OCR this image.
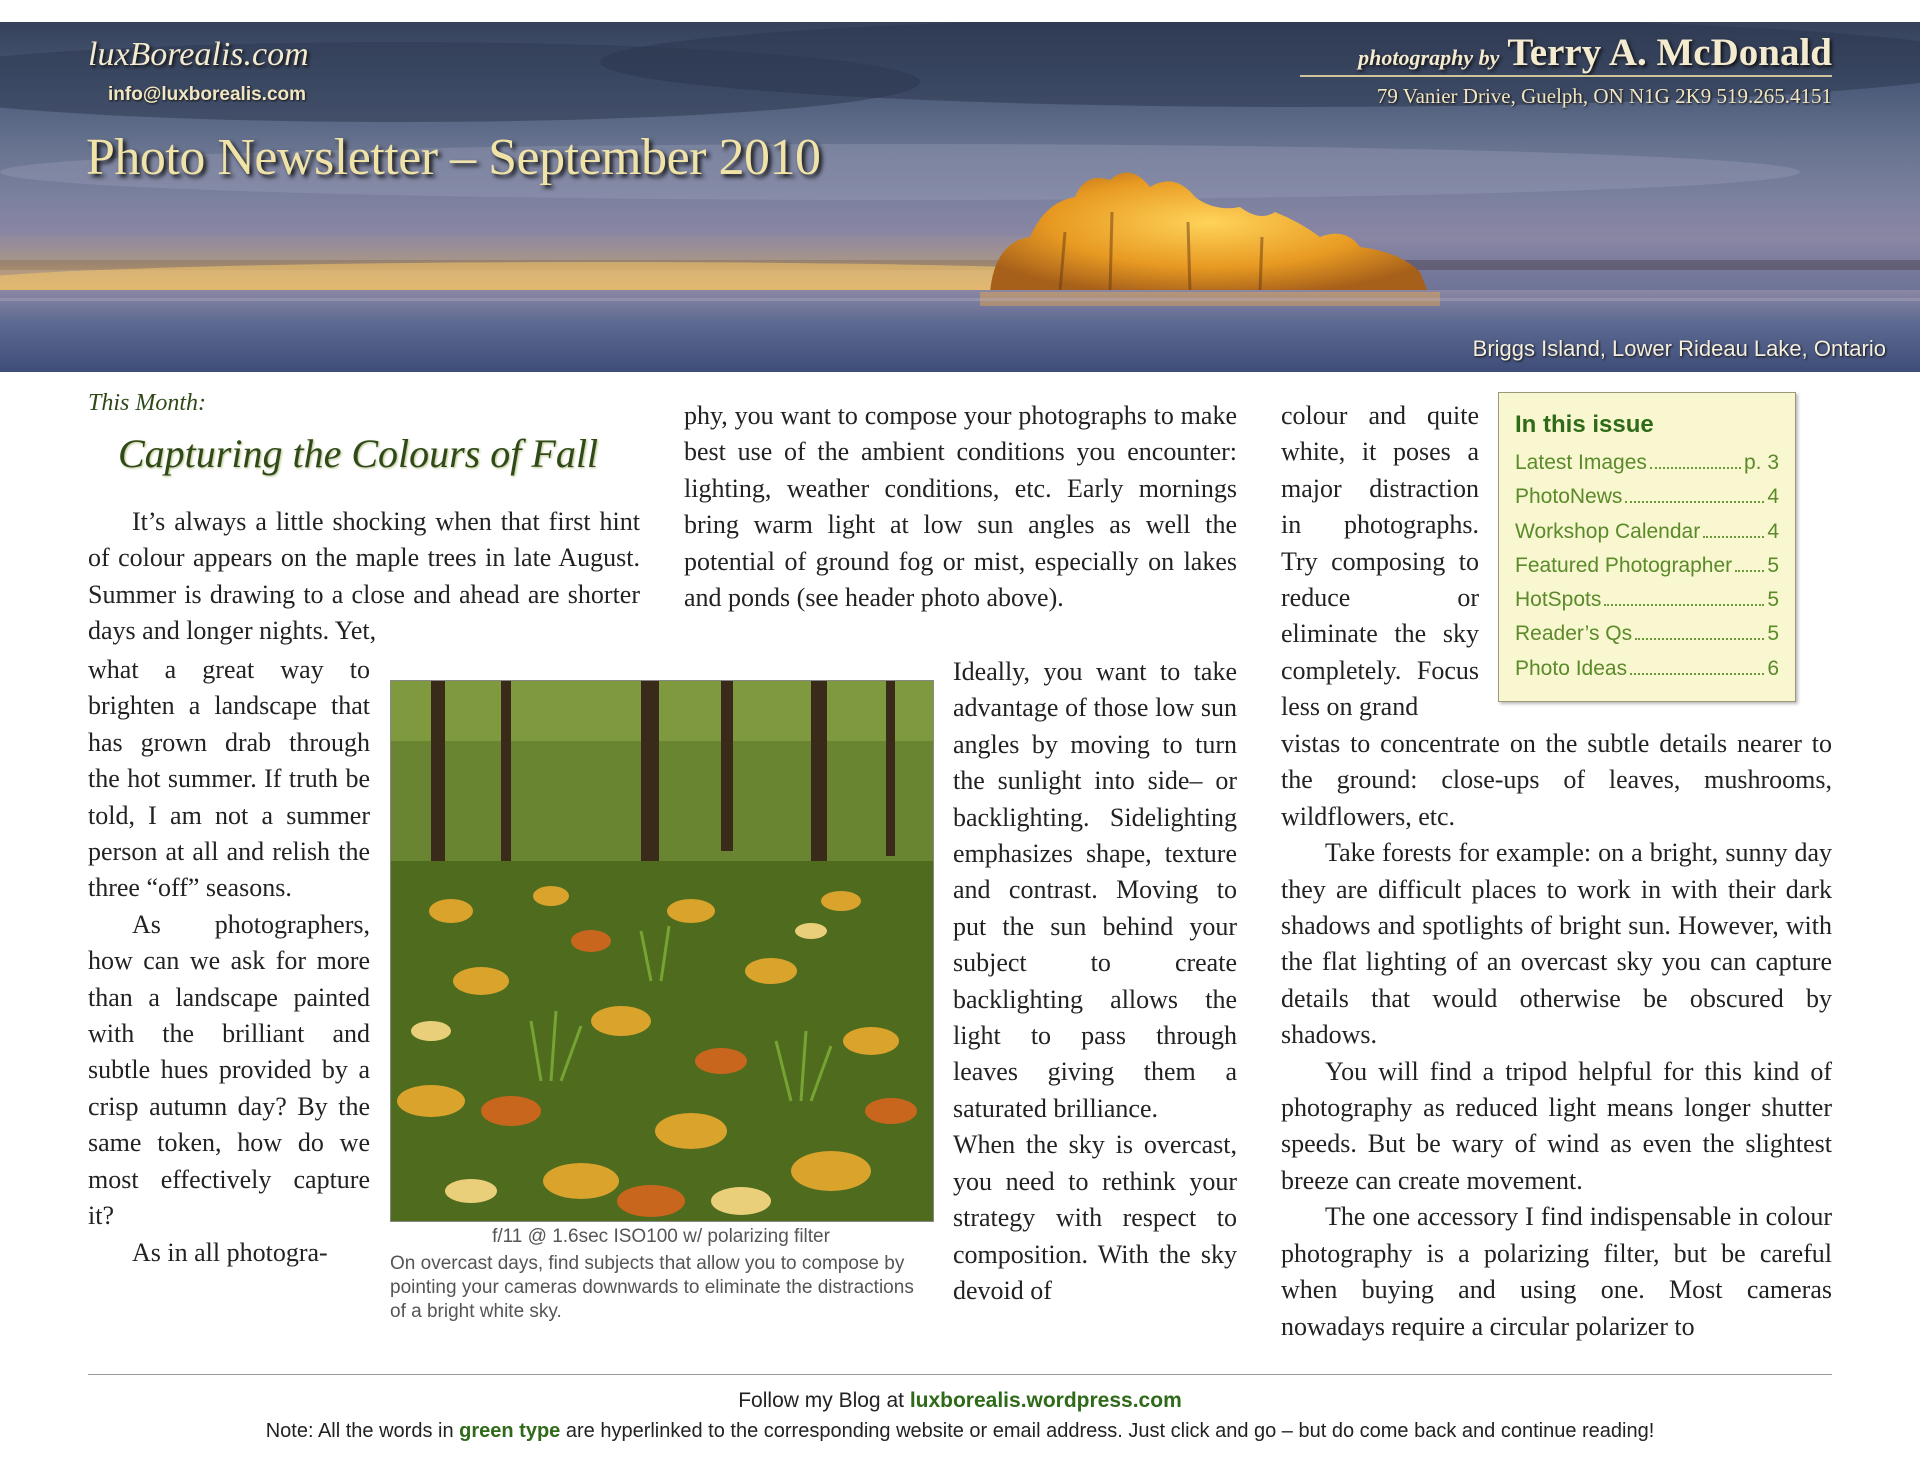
luxBorealis.com
info@luxborealis.com
photography by Terry A. McDonald
79 Vanier Drive, Guelph, ON N1G 2K9 519.265.4151
Photo Newsletter – September 2010
Briggs Island, Lower Rideau Lake, Ontario
This Month:
Capturing the Colours of Fall

It’s always a little shocking when that first hint of colour appears on the maple trees in late August. Summer is drawing to a close and ahead are shorter days and longer nights. Yet,

what a great way to brighten a landscape that has grown drab through the hot summer. If truth be told, I am not a summer person at all and relish the three “off” seasons.

As photographers, how can we ask for more than a landscape painted with the brilliant and subtle hues provided by a crisp autumn day? By the same token, how do we most effectively capture it?

As in all photogra-

phy, you want to compose your photographs to make best use of the ambient conditions you encounter: lighting, weather conditions, etc. Early mornings bring warm light at low sun angles as well the potential of ground fog or mist, especially on lakes and ponds (see header photo above).

Ideally, you want to take advantage of those low sun angles by moving to turn the sunlight into side– or backlighting. Sidelighting emphasizes shape, texture and contrast. Moving to put the sun behind your subject to create backlighting allows the light to pass through leaves giving them a saturated brilliance.

When the sky is overcast, you need to rethink your strategy with respect to composition. With the sky devoid of

colour and quite white, it poses a major distraction in photographs. Try composing to reduce or eliminate the sky completely. Focus less on grand

vistas to concentrate on the subtle details nearer to the ground: close-ups of leaves, mushrooms, wildflowers, etc.

Take forests for example: on a bright, sunny day they are difficult places to work in with their dark shadows and spotlights of bright sun. However, with the flat lighting of an overcast sky you can capture details that would otherwise be obscured by shadows.

You will find a tripod helpful for this kind of photography as reduced light means longer shutter speeds. But be wary of wind as even the slightest breeze can create movement.

The one accessory I find indispensable in colour photography is a polarizing filter, but be careful when buying and using one. Most cameras nowadays require a circular polarizer to

f/11 @ 1.6sec ISO100 w/ polarizing filter
On overcast days, find subjects that allow you to compose by pointing your cameras downwards to eliminate the distractions of a bright white sky.
In this issue
Latest Images	p. 3
PhotoNews	4
Workshop Calendar	4
Featured Photographer 5
HotSpots	5
Reader’s Qs	5
Photo Ideas	6
Follow my Blog at luxborealis.wordpress.com
Note: All the words in green type are hyperlinked to the corresponding website or email address. Just click and go – but do come back and continue reading!
